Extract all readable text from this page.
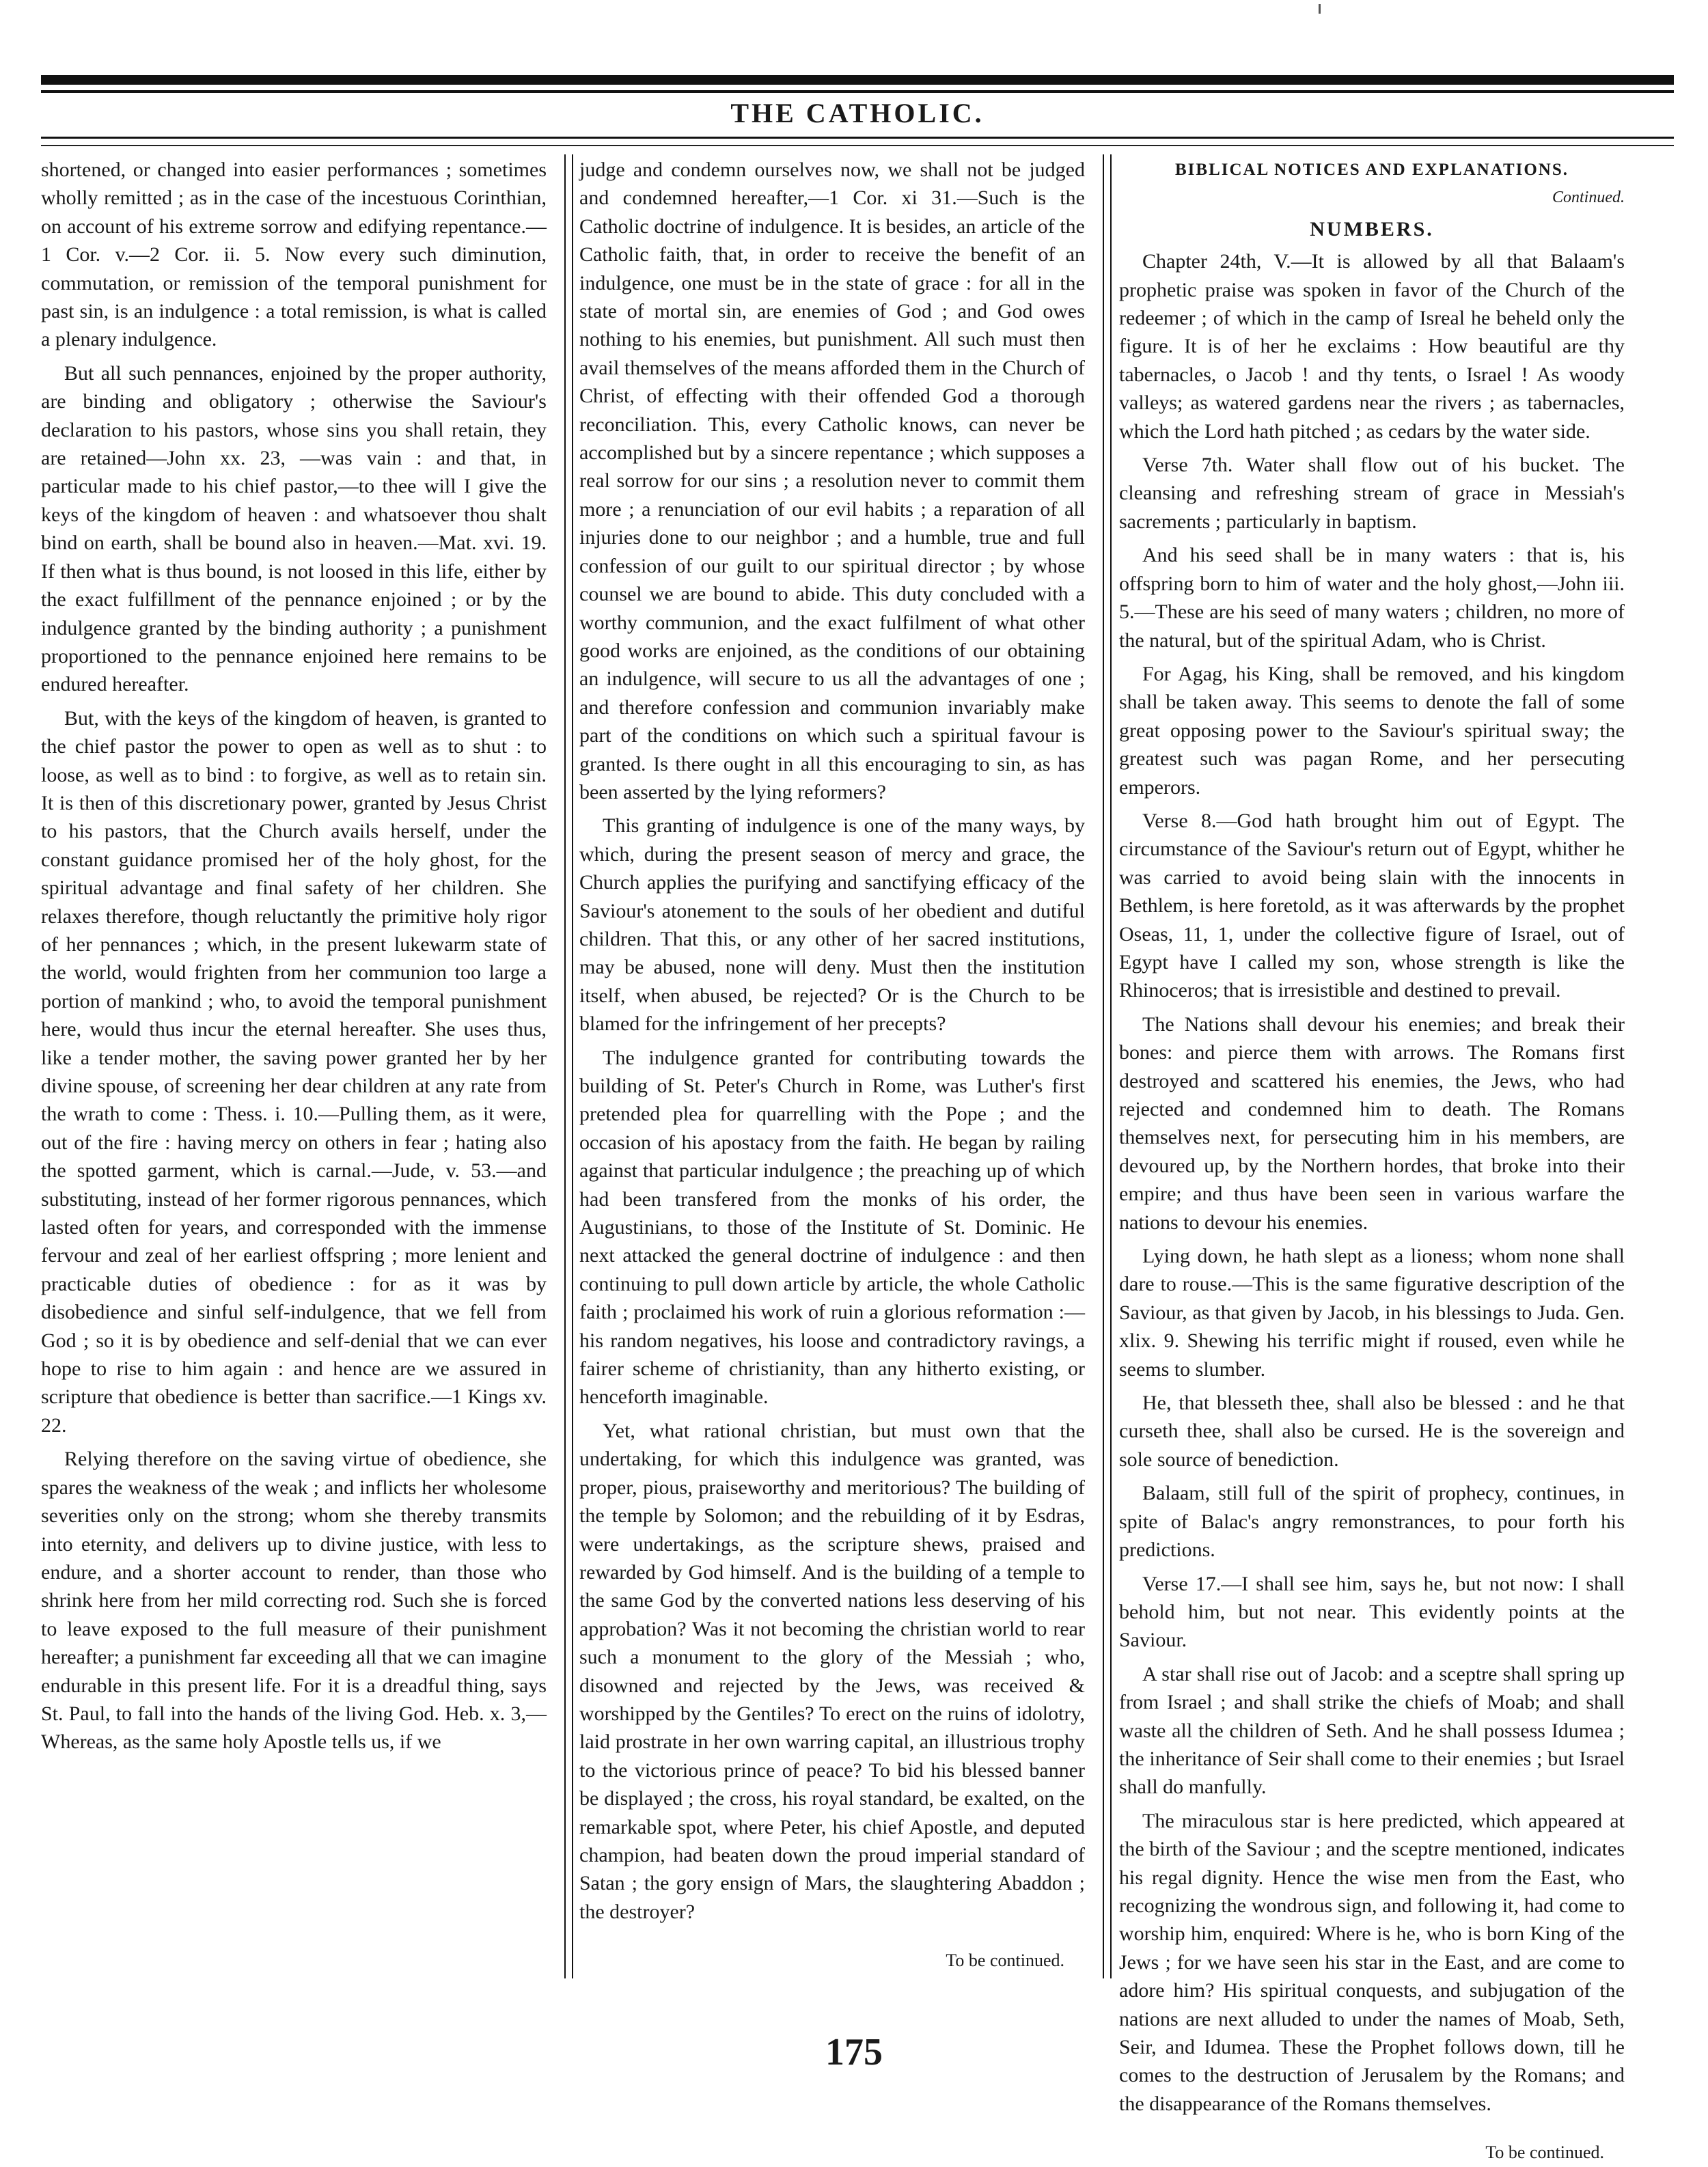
THE CATHOLIC.

shortened, or changed into easier performances ; sometimes wholly remitted ; as in the case of the incestuous Corinthian, on account of his extreme sorrow and edifying repentance.—1 Cor. v.—2 Cor. ii. 5. Now every such diminution, commutation, or remission of the temporal punishment for past sin, is an indulgence : a total remission, is what is called a plenary indulgence.

But all such pennances, enjoined by the proper authority, are binding and obligatory ; otherwise the Saviour's declaration to his pastors, whose sins you shall retain, they are retained—John xx. 23, —was vain : and that, in particular made to his chief pastor,—to thee will I give the keys of the kingdom of heaven : and whatsoever thou shalt bind on earth, shall be bound also in heaven.—Mat. xvi. 19. If then what is thus bound, is not loosed in this life, either by the exact fulfillment of the pennance enjoined ; or by the indulgence granted by the binding authority ; a punishment proportioned to the pennance enjoined here remains to be endured hereafter.

But, with the keys of the kingdom of heaven, is granted to the chief pastor the power to open as well as to shut : to loose, as well as to bind : to forgive, as well as to retain sin. It is then of this discretionary power, granted by Jesus Christ to his pastors, that the Church avails herself, under the constant guidance promised her of the holy ghost, for the spiritual advantage and final safety of her children. She relaxes therefore, though reluctantly the primitive holy rigor of her pennances ; which, in the present lukewarm state of the world, would frighten from her communion too large a portion of mankind ; who, to avoid the temporal punishment here, would thus incur the eternal hereafter. She uses thus, like a tender mother, the saving power granted her by her divine spouse, of screening her dear children at any rate from the wrath to come : Thess. i. 10.—Pulling them, as it were, out of the fire : having mercy on others in fear ; hating also the spotted garment, which is carnal.—Jude, v. 53.—and substituting, instead of her former rigorous pennances, which lasted often for years, and corresponded with the immense fervour and zeal of her earliest offspring ; more lenient and practicable duties of obedience : for as it was by disobedience and sinful self-indulgence, that we fell from God ; so it is by obedience and self-denial that we can ever hope to rise to him again : and hence are we assured in scripture that obedience is better than sacrifice.—1 Kings xv. 22.

Relying therefore on the saving virtue of obedience, she spares the weakness of the weak ; and inflicts her wholesome severities only on the strong; whom she thereby transmits into eternity, and delivers up to divine justice, with less to endure, and a shorter account to render, than those who shrink here from her mild correcting rod. Such she is forced to leave exposed to the full measure of their punishment hereafter; a punishment far exceeding all that we can imagine endurable in this present life. For it is a dreadful thing, says St. Paul, to fall into the hands of the living God. Heb. x. 3,—Whereas, as the same holy Apostle tells us, if we

judge and condemn ourselves now, we shall not be judged and condemned hereafter,—1 Cor. xi 31.—Such is the Catholic doctrine of indulgence. It is besides, an article of the Catholic faith, that, in order to receive the benefit of an indulgence, one must be in the state of grace : for all in the state of mortal sin, are enemies of God ; and God owes nothing to his enemies, but punishment. All such must then avail themselves of the means afforded them in the Church of Christ, of effecting with their offended God a thorough reconciliation. This, every Catholic knows, can never be accomplished but by a sincere repentance ; which supposes a real sorrow for our sins ; a resolution never to commit them more ; a renunciation of our evil habits ; a reparation of all injuries done to our neighbor ; and a humble, true and full confession of our guilt to our spiritual director ; by whose counsel we are bound to abide. This duty concluded with a worthy communion, and the exact fulfilment of what other good works are enjoined, as the conditions of our obtaining an indulgence, will secure to us all the advantages of one ; and therefore confession and communion invariably make part of the conditions on which such a spiritual favour is granted. Is there ought in all this encouraging to sin, as has been asserted by the lying reformers?

This granting of indulgence is one of the many ways, by which, during the present season of mercy and grace, the Church applies the purifying and sanctifying efficacy of the Saviour's atonement to the souls of her obedient and dutiful children. That this, or any other of her sacred institutions, may be abused, none will deny. Must then the institution itself, when abused, be rejected? Or is the Church to be blamed for the infringement of her precepts?

The indulgence granted for contributing towards the building of St. Peter's Church in Rome, was Luther's first pretended plea for quarrelling with the Pope ; and the occasion of his apostacy from the faith. He began by railing against that particular indulgence ; the preaching up of which had been transfered from the monks of his order, the Augustinians, to those of the Institute of St. Dominic. He next attacked the general doctrine of indulgence : and then continuing to pull down article by article, the whole Catholic faith ; proclaimed his work of ruin a glorious reformation :—his random negatives, his loose and contradictory ravings, a fairer scheme of christianity, than any hitherto existing, or henceforth imaginable.

Yet, what rational christian, but must own that the undertaking, for which this indulgence was granted, was proper, pious, praiseworthy and meritorious? The building of the temple by Solomon; and the rebuilding of it by Esdras, were undertakings, as the scripture shews, praised and rewarded by God himself. And is the building of a temple to the same God by the converted nations less deserving of his approbation? Was it not becoming the christian world to rear such a monument to the glory of the Messiah ; who, disowned and rejected by the Jews, was received & worshipped by the Gentiles? To erect on the ruins of idolotry, laid prostrate in her own warring capital, an illustrious trophy to the victorious prince of peace? To bid his blessed banner be displayed ; the cross, his royal standard, be exalted, on the remarkable spot, where Peter, his chief Apostle, and deputed champion, had beaten down the proud imperial standard of Satan ; the gory ensign of Mars, the slaughtering Abaddon ; the destroyer?

To be continued.
BIBLICAL NOTICES AND EXPLANATIONS.
Continued.
NUMBERS.

Chapter 24th, V.—It is allowed by all that Balaam's prophetic praise was spoken in favor of the Church of the redeemer ; of which in the camp of Isreal he beheld only the figure. It is of her he exclaims : How beautiful are thy tabernacles, o Jacob ! and thy tents, o Israel ! As woody valleys; as watered gardens near the rivers ; as tabernacles, which the Lord hath pitched ; as cedars by the water side.

Verse 7th. Water shall flow out of his bucket. The cleansing and refreshing stream of grace in Messiah's sacrements ; particularly in baptism.

And his seed shall be in many waters : that is, his offspring born to him of water and the holy ghost,—John iii. 5.—These are his seed of many waters ; children, no more of the natural, but of the spiritual Adam, who is Christ.

For Agag, his King, shall be removed, and his kingdom shall be taken away. This seems to denote the fall of some great opposing power to the Saviour's spiritual sway; the greatest such was pagan Rome, and her persecuting emperors.

Verse 8.—God hath brought him out of Egypt. The circumstance of the Saviour's return out of Egypt, whither he was carried to avoid being slain with the innocents in Bethlem, is here foretold, as it was afterwards by the prophet Oseas, 11, 1, under the collective figure of Israel, out of Egypt have I called my son, whose strength is like the Rhinoceros; that is irresistible and destined to prevail.

The Nations shall devour his enemies; and break their bones: and pierce them with arrows. The Romans first destroyed and scattered his enemies, the Jews, who had rejected and condemned him to death. The Romans themselves next, for persecuting him in his members, are devoured up, by the Northern hordes, that broke into their empire; and thus have been seen in various warfare the nations to devour his enemies.

Lying down, he hath slept as a lioness; whom none shall dare to rouse.—This is the same figurative description of the Saviour, as that given by Jacob, in his blessings to Juda. Gen. xlix. 9. Shewing his terrific might if roused, even while he seems to slumber.

He, that blesseth thee, shall also be blessed : and he that curseth thee, shall also be cursed. He is the sovereign and sole source of benediction.

Balaam, still full of the spirit of prophecy, continues, in spite of Balac's angry remonstrances, to pour forth his predictions.

Verse 17.—I shall see him, says he, but not now: I shall behold him, but not near. This evidently points at the Saviour.

A star shall rise out of Jacob: and a sceptre shall spring up from Israel ; and shall strike the chiefs of Moab; and shall waste all the children of Seth. And he shall possess Idumea ; the inheritance of Seir shall come to their enemies ; but Israel shall do manfully.

The miraculous star is here predicted, which appeared at the birth of the Saviour ; and the sceptre mentioned, indicates his regal dignity. Hence the wise men from the East, who recognizing the wondrous sign, and following it, had come to worship him, enquired: Where is he, who is born King of the Jews ; for we have seen his star in the East, and are come to adore him? His spiritual conquests, and subjugation of the nations are next alluded to under the names of Moab, Seth, Seir, and Idumea. These the Prophet follows down, till he comes to the destruction of Jerusalem by the Romans; and the disappearance of the Romans themselves.

To be continued.
175
